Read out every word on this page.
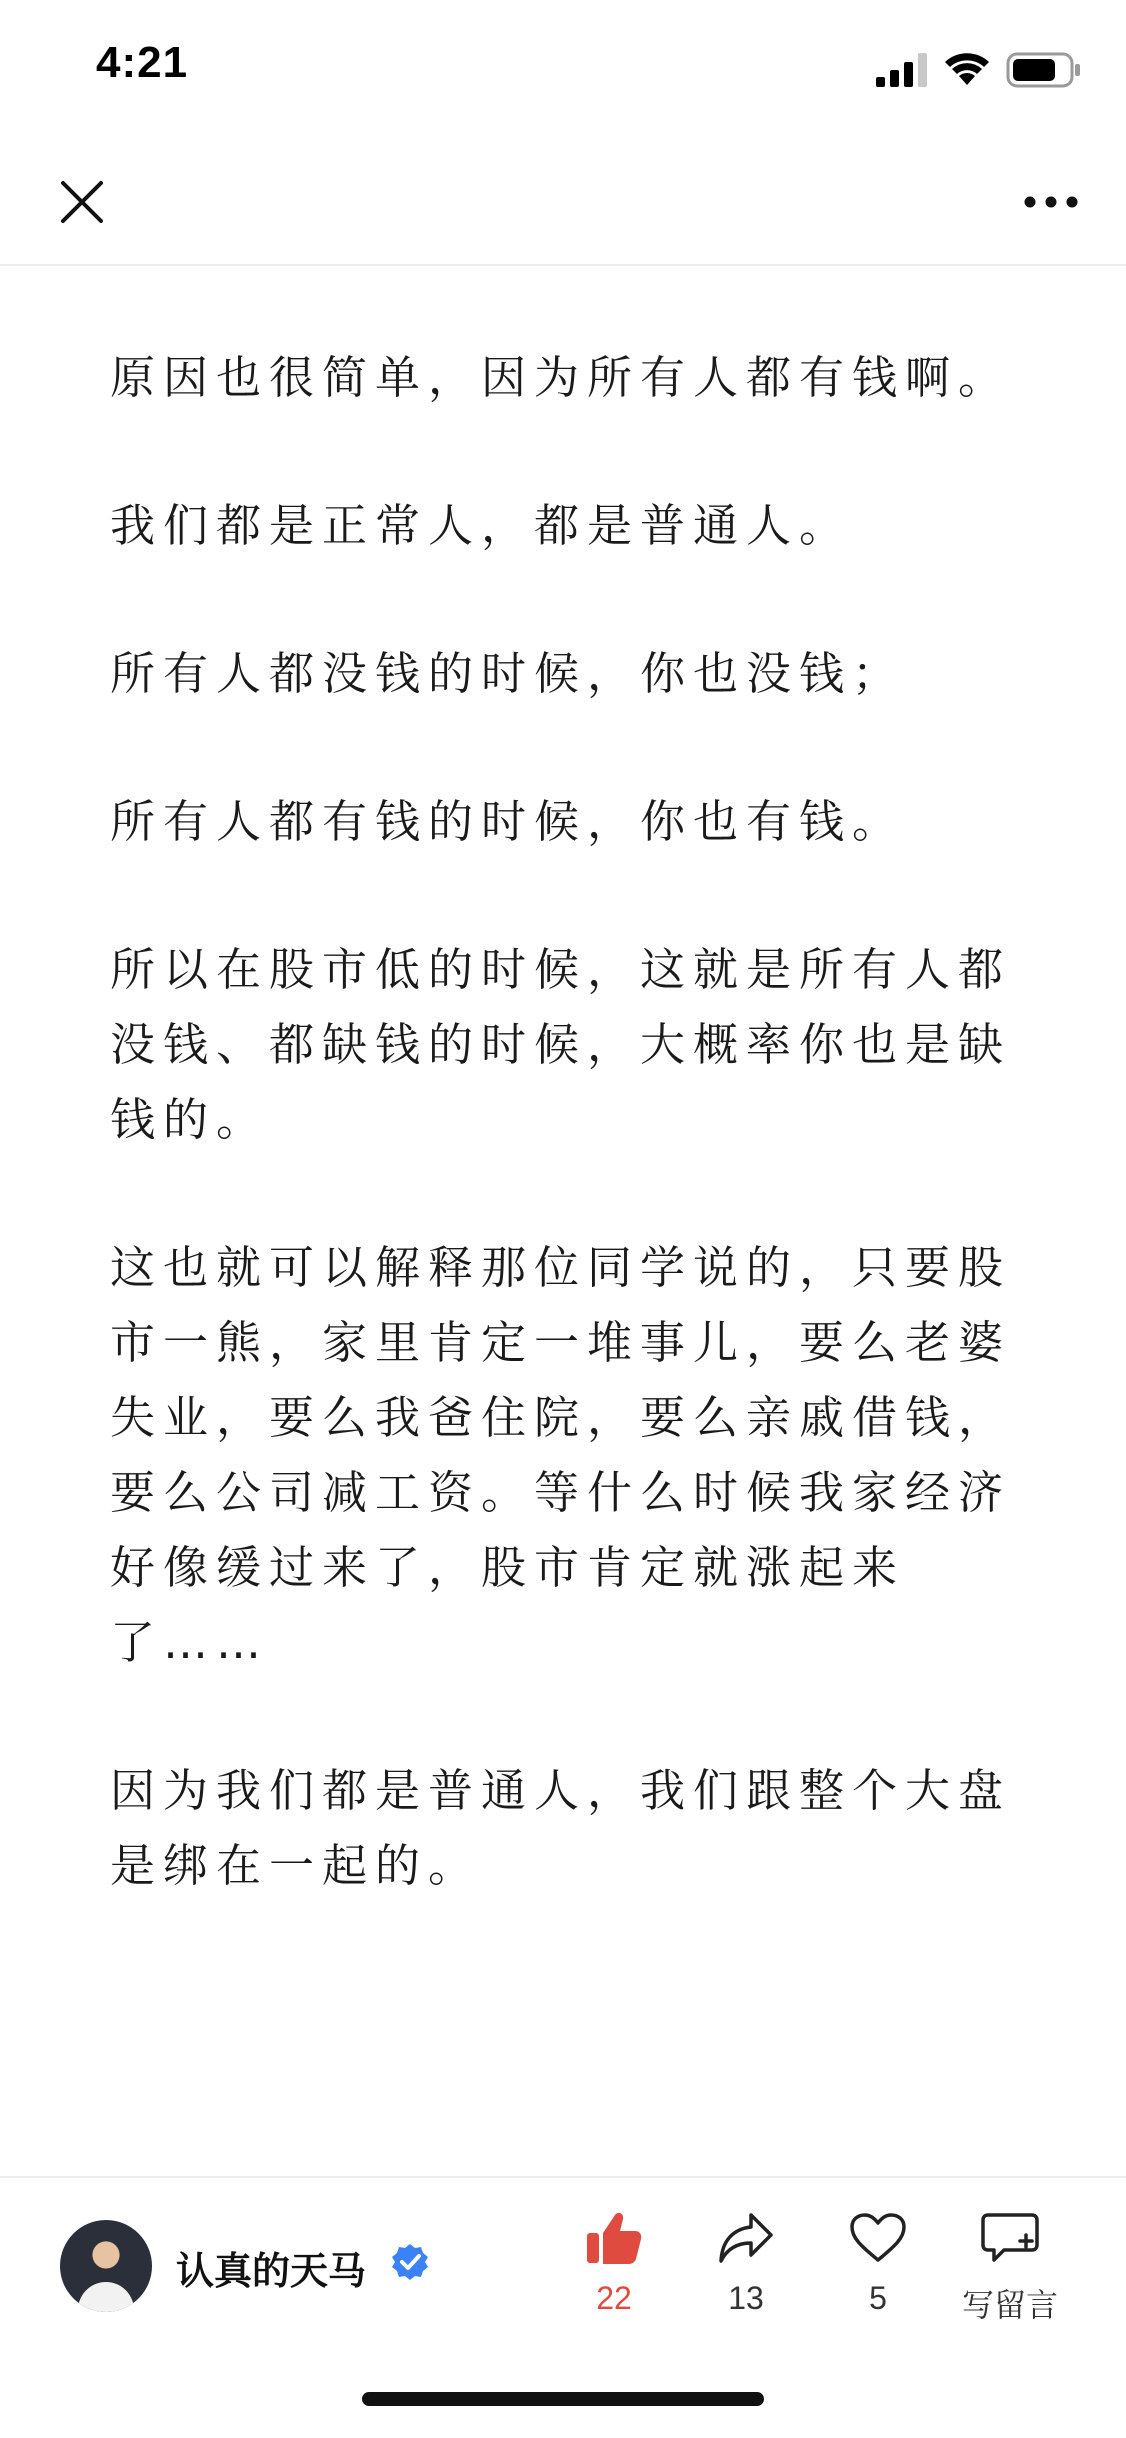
4:21

原因也很简单，因为所有人都有钱啊。

我们都是正常人，都是普通人。

所有人都没钱的时候，你也没钱；

所有人都有钱的时候，你也有钱。

所以在股市低的时候，这就是所有人都没钱、都缺钱的时候，大概率你也是缺钱的。

这也就可以解释那位同学说的，只要股市一熊，家里肯定一堆事儿，要么老婆失业，要么我爸住院，要么亲戚借钱，要么公司减工资。等什么时候我家经济好像缓过来了，股市肯定就涨起来了……

因为我们都是普通人，我们跟整个大盘是绑在一起的。

认真的天马
22	13	5	写留言
